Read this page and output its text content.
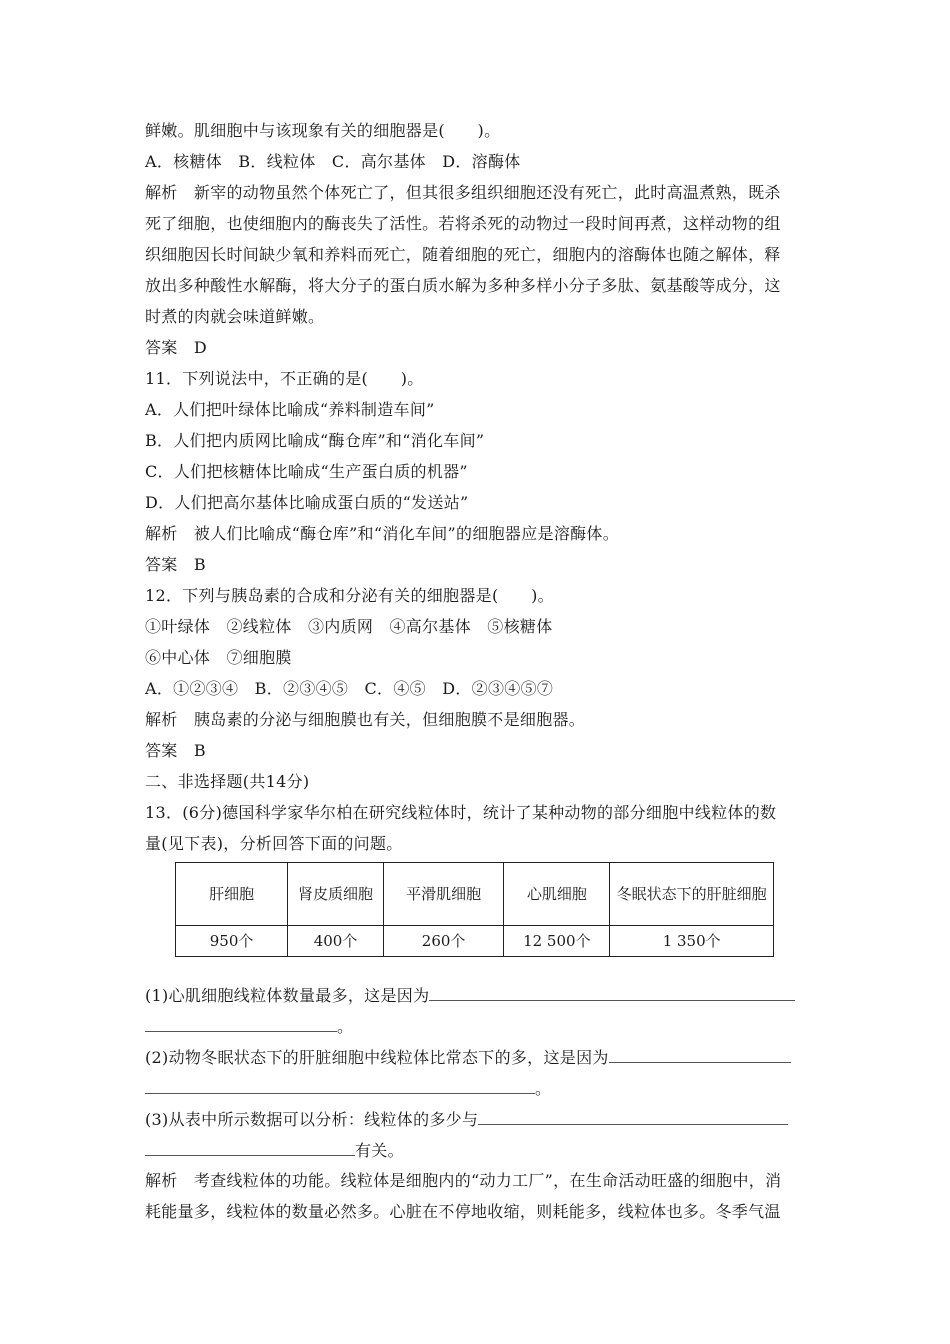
鲜嫩。肌细胞中与该现象有关的细胞器是(　　)。
A．核糖体　B．线粒体　C．高尔基体　D．溶酶体
解析　新宰的动物虽然个体死亡了，但其很多组织细胞还没有死亡，此时高温煮熟，既杀
死了细胞，也使细胞内的酶丧失了活性。若将杀死的动物过一段时间再煮，这样动物的组
织细胞因长时间缺少氧和养料而死亡，随着细胞的死亡，细胞内的溶酶体也随之解体，释
放出多种酸性水解酶，将大分子的蛋白质水解为多种多样小分子多肽、氨基酸等成分，这
时煮的肉就会味道鲜嫩。
答案　D
11．下列说法中，不正确的是(　　)。
A．人们把叶绿体比喻成“养料制造车间”
B．人们把内质网比喻成“酶仓库”和“消化车间”
C．人们把核糖体比喻成“生产蛋白质的机器”
D．人们把高尔基体比喻成蛋白质的“发送站”
解析　被人们比喻成“酶仓库”和“消化车间”的细胞器应是溶酶体。
答案　B
12．下列与胰岛素的合成和分泌有关的细胞器是(　　)。
①叶绿体　②线粒体　③内质网　④高尔基体　⑤核糖体
⑥中心体　⑦细胞膜
A．①②③④　B．②③④⑤　C．④⑤　D．②③④⑤⑦
解析　胰岛素的分泌与细胞膜也有关，但细胞膜不是细胞器。
答案　B
二、非选择题(共14分)
13．(6分)德国科学家华尔柏在研究线粒体时，统计了某种动物的部分细胞中线粒体的数
量(见下表)，分析回答下面的问题。
肝细胞	肾皮质细胞	平滑肌细胞	心肌细胞	冬眠状态下的肝脏细胞
950个	400个	260个	12 500个	1 350个
(1)心肌细胞线粒体数量最多，这是因为
。
(2)动物冬眠状态下的肝脏细胞中线粒体比常态下的多，这是因为
。
(3)从表中所示数据可以分析：线粒体的多少与
有关。
解析　考查线粒体的功能。线粒体是细胞内的“动力工厂”，在生命活动旺盛的细胞中，消
耗能量多，线粒体的数量必然多。心脏在不停地收缩，则耗能多，线粒体也多。冬季气温
